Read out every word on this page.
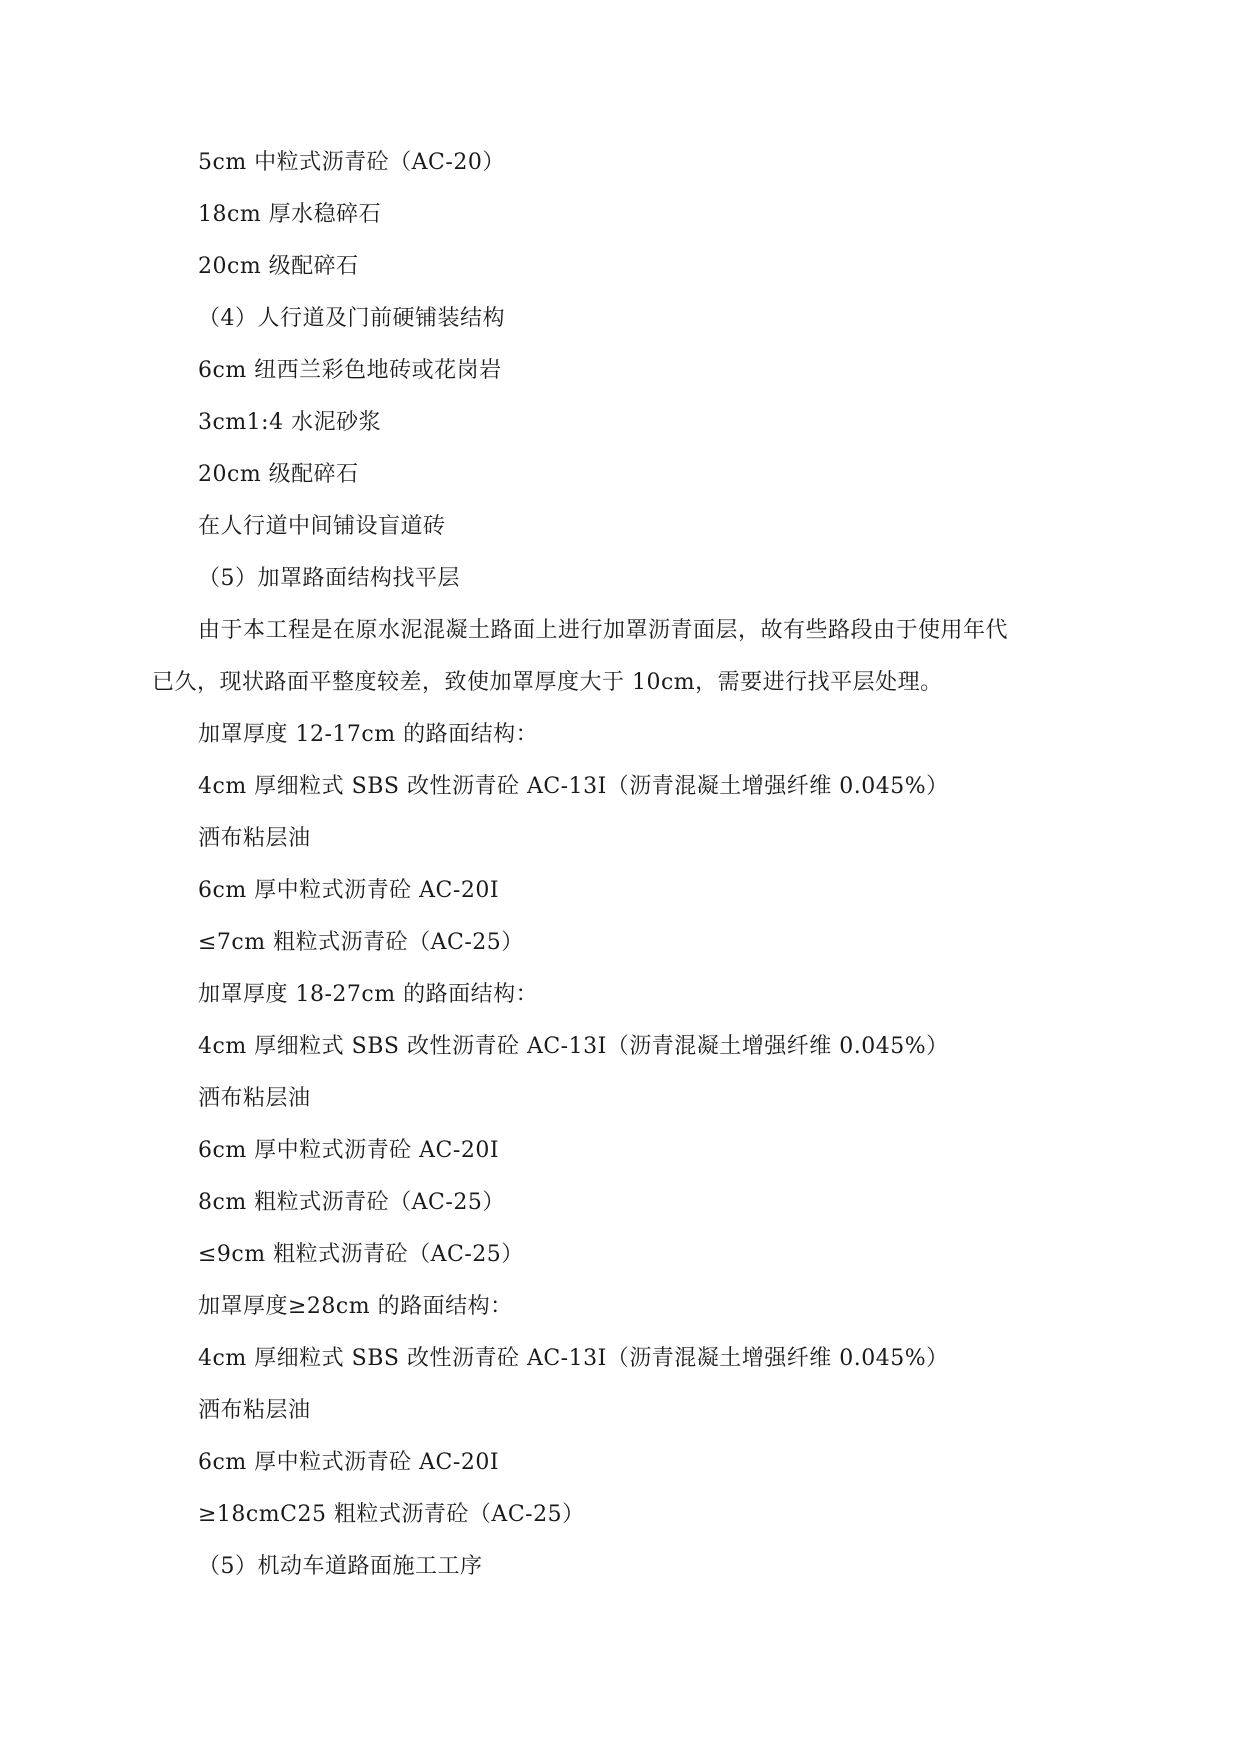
5cm 中粒式沥青砼（AC-20）
18cm 厚水稳碎石
20cm 级配碎石
（4）人行道及门前硬铺装结构
6cm 纽西兰彩色地砖或花岗岩
3cm1:4 水泥砂浆
20cm 级配碎石
在人行道中间铺设盲道砖
（5）加罩路面结构找平层
由于本工程是在原水泥混凝土路面上进行加罩沥青面层，故有些路段由于使用年代
已久，现状路面平整度较差，致使加罩厚度大于 10cm，需要进行找平层处理。
加罩厚度 12-17cm 的路面结构：
4cm 厚细粒式 SBS 改性沥青砼 AC-13I（沥青混凝土增强纤维 0.045%）
洒布粘层油
6cm 厚中粒式沥青砼 AC-20I
≤7cm 粗粒式沥青砼（AC-25）
加罩厚度 18-27cm 的路面结构：
4cm 厚细粒式 SBS 改性沥青砼 AC-13I（沥青混凝土增强纤维 0.045%）
洒布粘层油
6cm 厚中粒式沥青砼 AC-20I
8cm 粗粒式沥青砼（AC-25）
≤9cm 粗粒式沥青砼（AC-25）
加罩厚度≥28cm 的路面结构：
4cm 厚细粒式 SBS 改性沥青砼 AC-13I（沥青混凝土增强纤维 0.045%）
洒布粘层油
6cm 厚中粒式沥青砼 AC-20I
≥18cmC25 粗粒式沥青砼（AC-25）
（5）机动车道路面施工工序
